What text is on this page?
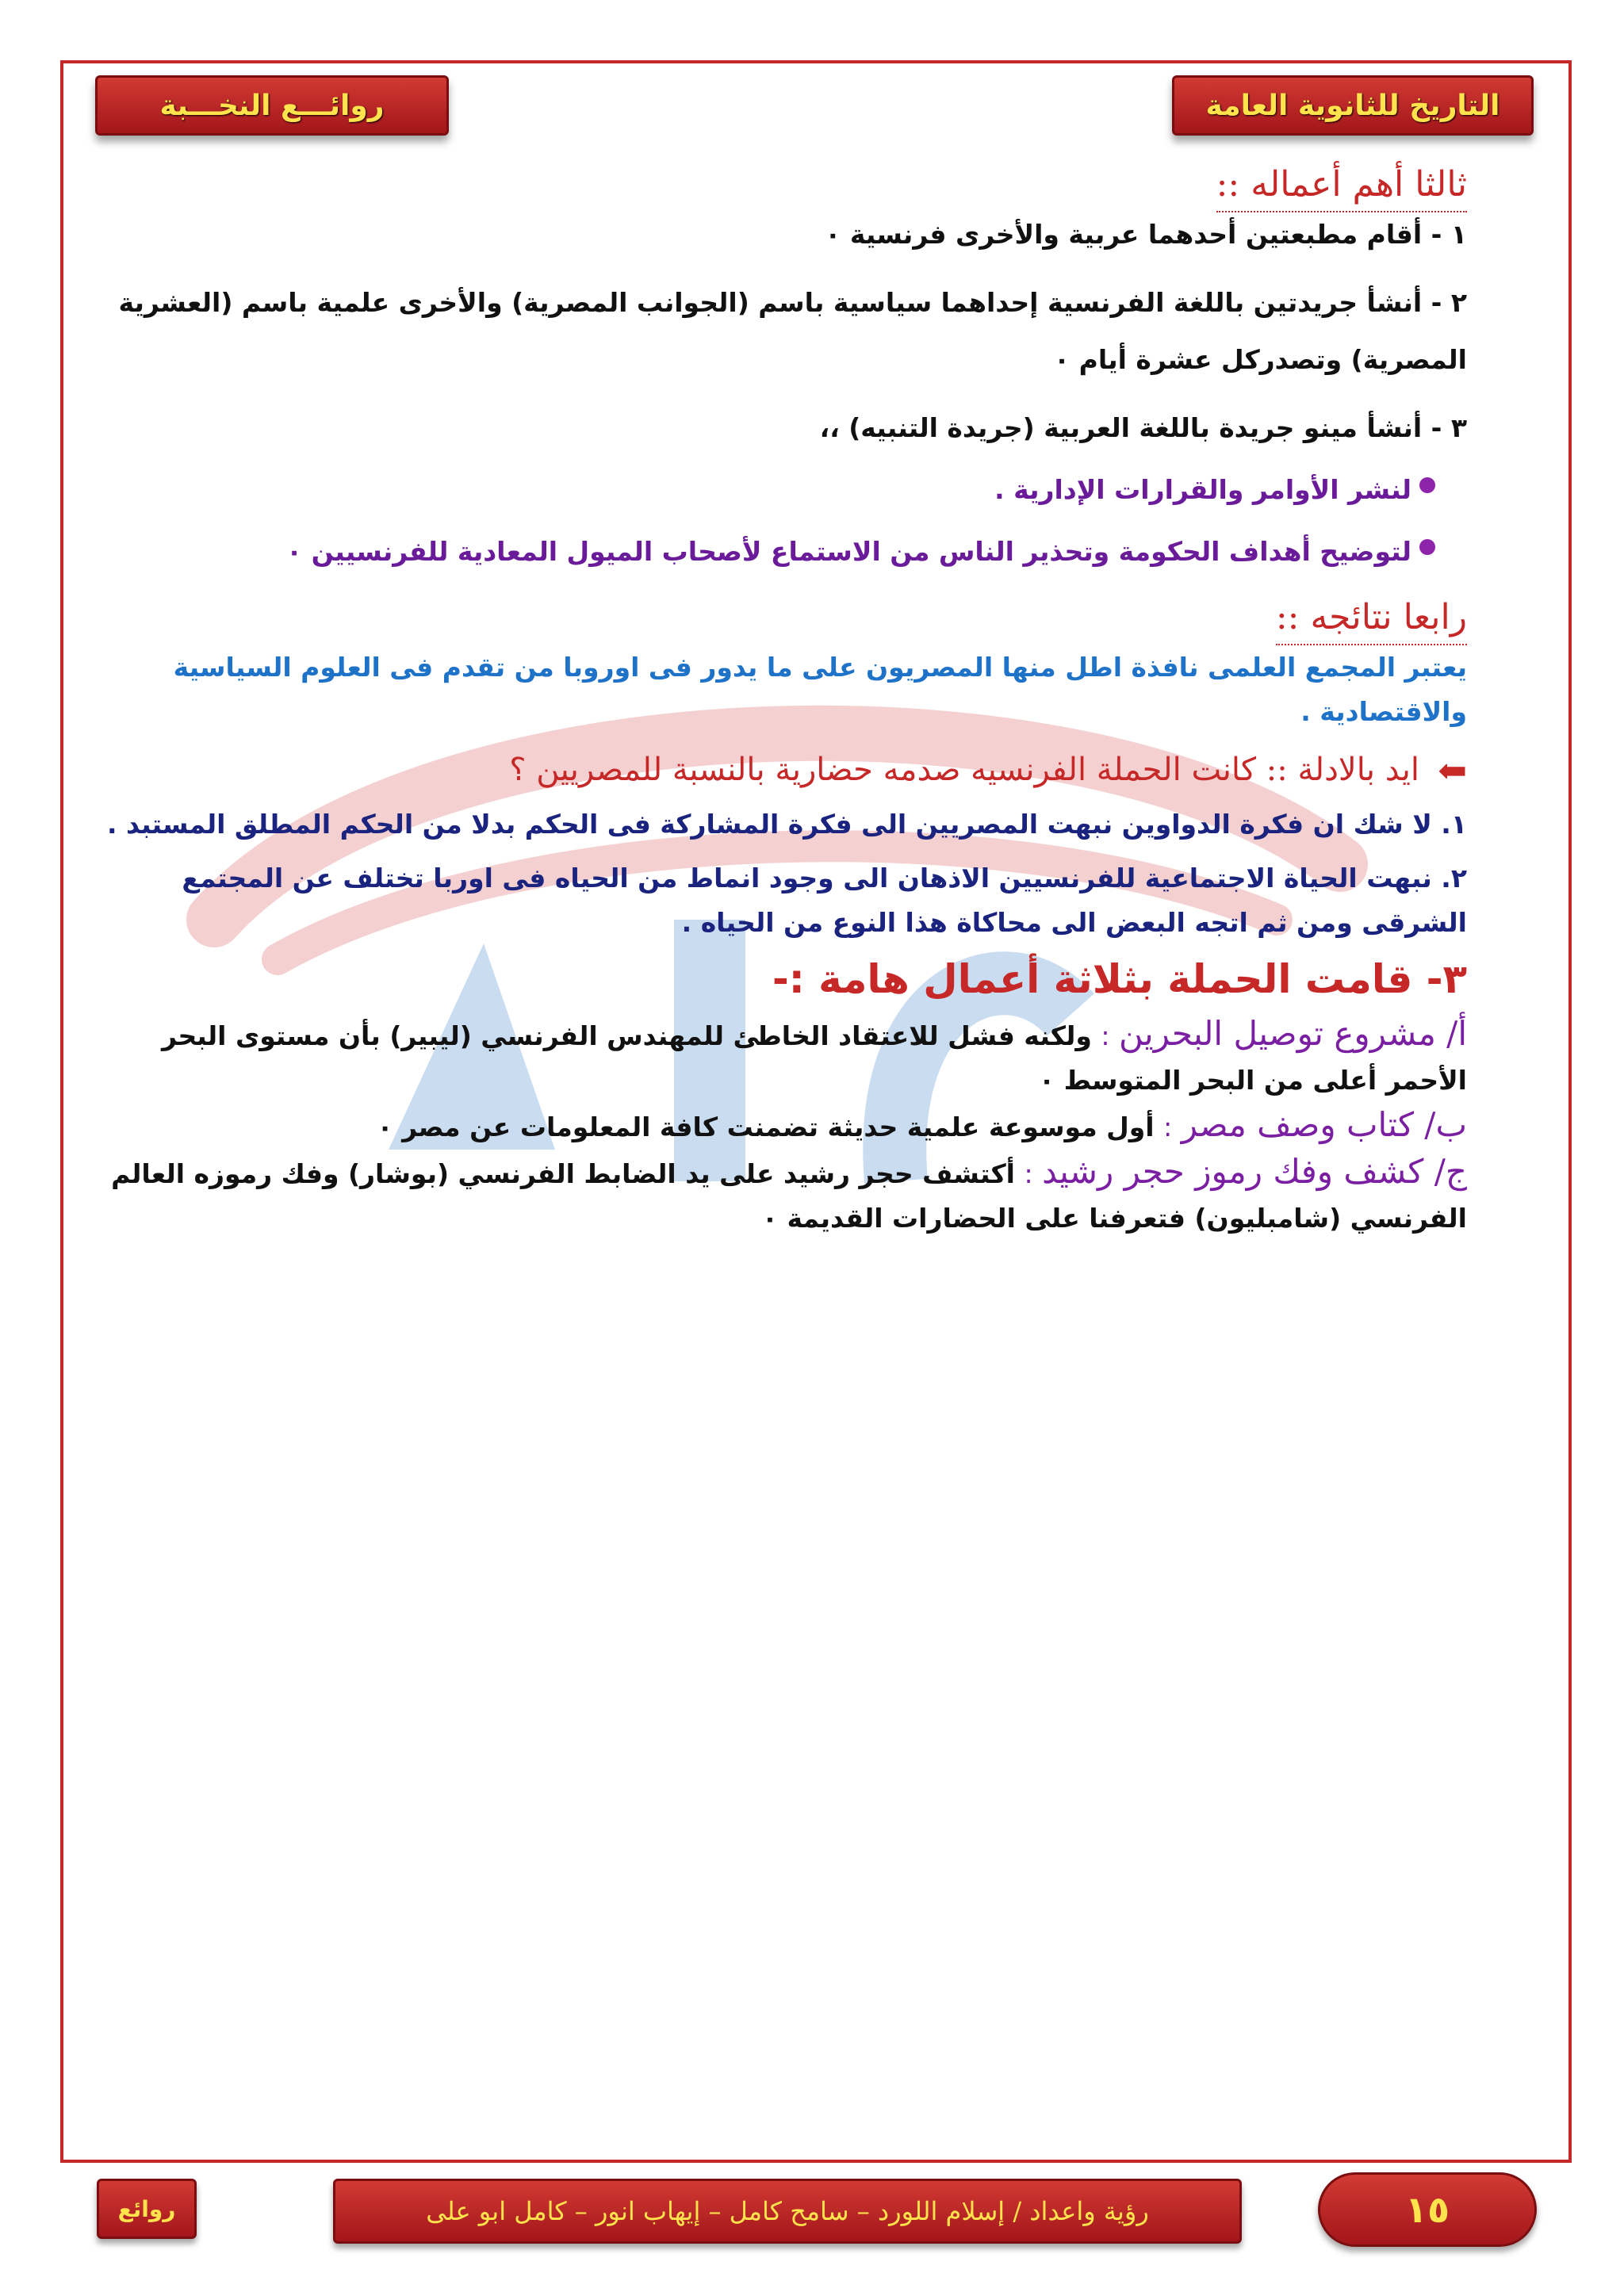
روائـــع النخـــبة	التاريخ للثانوية العامة

ثالثا أهم أعماله ::

١ - أقام مطبعتين أحدهما عربية والأخرى فرنسية ٠

٢ - أنشأ جريدتين باللغة الفرنسية إحداهما سياسية باسم (الجوانب المصرية) والأخرى علمية باسم (العشرية المصرية) وتصدركل عشرة أيام ٠

٣ - أنشأ مينو جريدة باللغة العربية (جريدة التنبيه) ،،

لنشر الأوامر والقرارات الإدارية .

لتوضيح أهداف الحكومة وتحذير الناس من الاستماع لأصحاب الميول المعادية للفرنسيين ٠

رابعا نتائجه ::

يعتبر المجمع العلمى نافذة اطل منها المصريون على ما يدور فى اوروبا من تقدم فى العلوم السياسية والاقتصادية .

⬅
ايد بالادلة :: كانت الحملة الفرنسيه صدمه حضارية بالنسبة للمصريين ؟

١. لا شك ان فكرة الدواوين نبهت المصريين الى فكرة المشاركة فى الحكم بدلا من الحكم المطلق المستبد .

٢. نبهت الحياة الاجتماعية للفرنسيين الاذهان الى وجود انماط من الحياه فى اوربا تختلف عن المجتمع الشرقى ومن ثم اتجه البعض الى محاكاة هذا النوع من الحياه .

٣- قامت الحملة بثلاثة أعمال هامة :-

أ/ مشروع توصيل البحرين : ولكنه فشل للاعتقاد الخاطئ للمهندس الفرنسي (ليبير) بأن مستوى البحر الأحمر أعلى من البحر المتوسط ٠

ب/ كتاب وصف مصر : أول موسوعة علمية حديثة تضمنت كافة المعلومات عن مصر ٠

ج/ كشف وفك رموز حجر رشيد : أكتشف حجر رشيد على يد الضابط الفرنسي (بوشار) وفك رموزه العالم الفرنسي (شامبليون) فتعرفنا على الحضارات القديمة ٠

روائع	رؤية واعداد / إسلام اللورد – سامح كامل – إيهاب انور – كامل ابو على	١٥
